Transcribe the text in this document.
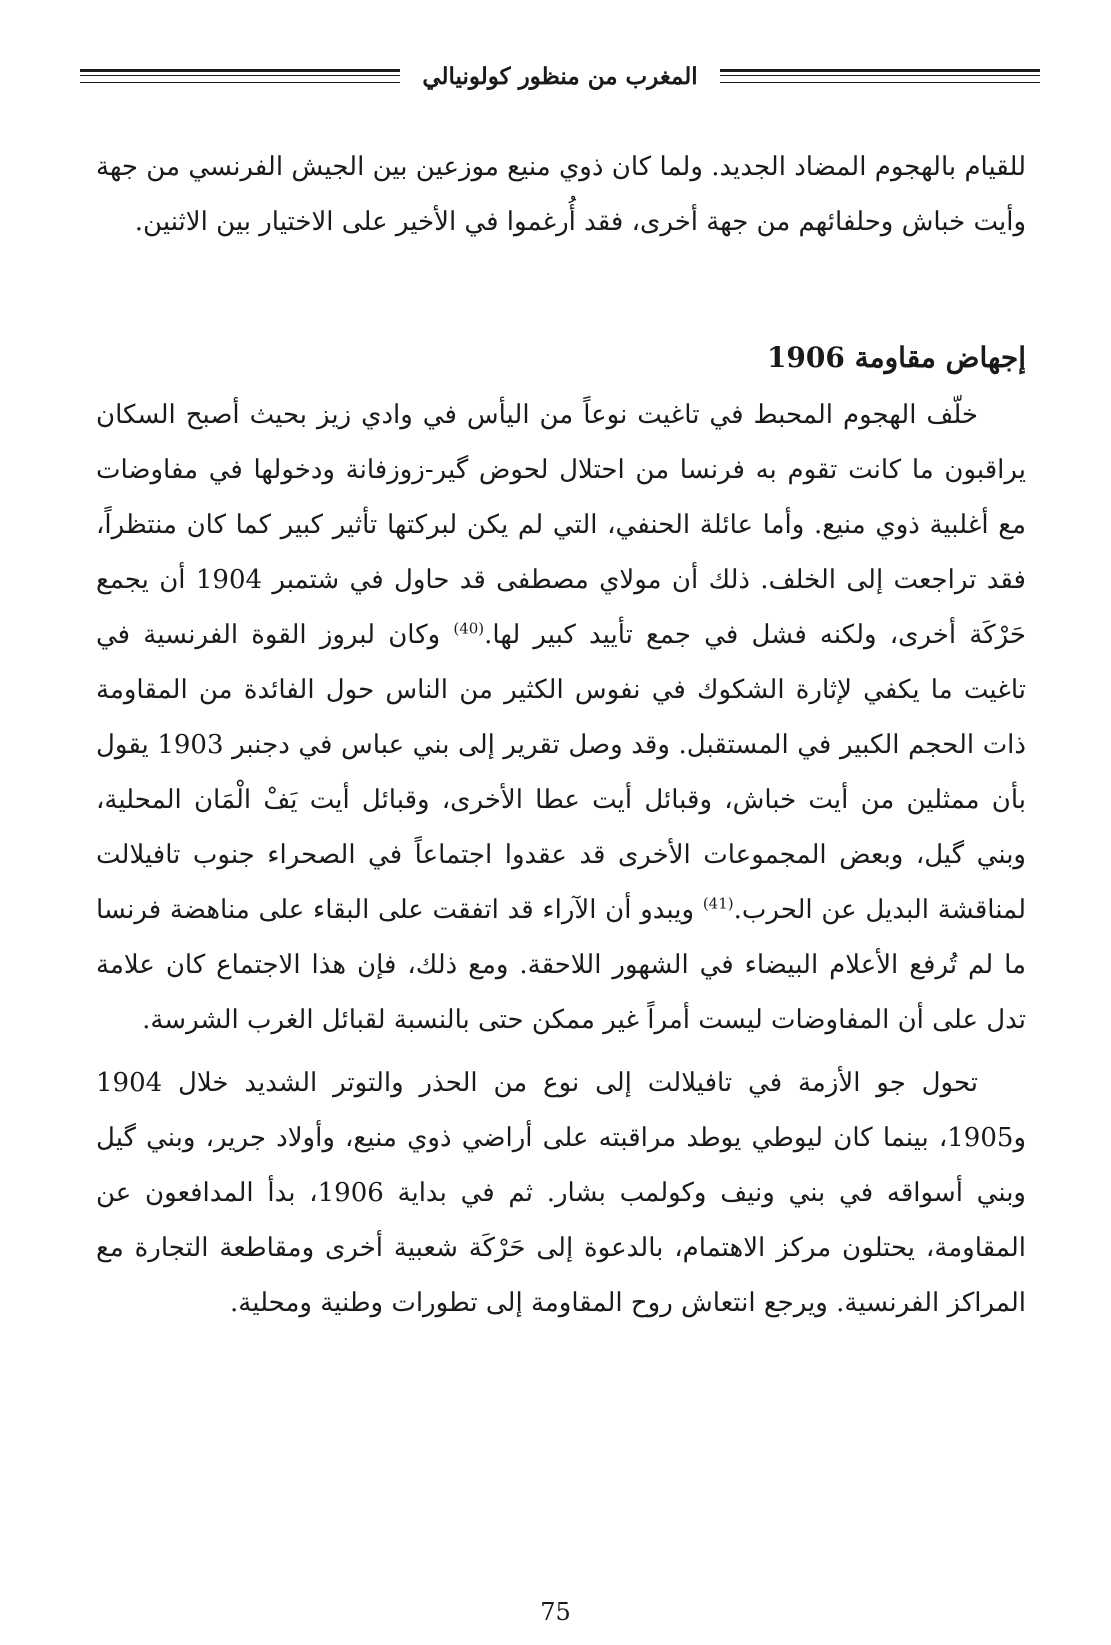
المغرب من منظور كولونيالي

للقيام بالهجوم المضاد الجديد. ولما كان ذوي منيع موزعين بين الجيش الفرنسي من جهة وأيت خباش وحلفائهم من جهة أخرى، فقد أُرغموا في الأخير على الاختيار بين الاثنين.

إجهاض مقاومة 1906

خلّف الهجوم المحبط في تاغيت نوعاً من اليأس في وادي زيز بحيث أصبح السكان يراقبون ما كانت تقوم به فرنسا من احتلال لحوض گير-زوزفانة ودخولها في مفاوضات مع أغلبية ذوي منيع. وأما عائلة الحنفي، التي لم يكن لبركتها تأثير كبير كما كان منتظراً، فقد تراجعت إلى الخلف. ذلك أن مولاي مصطفى قد حاول في شتمبر 1904 أن يجمع حَرْكَة أخرى، ولكنه فشل في جمع تأييد كبير لها.$^{(40)}$ وكان لبروز القوة الفرنسية في تاغيت ما يكفي لإثارة الشكوك في نفوس الكثير من الناس حول الفائدة من المقاومة ذات الحجم الكبير في المستقبل. وقد وصل تقرير إلى بني عباس في دجنبر 1903 يقول بأن ممثلين من أيت خباش، وقبائل أيت عطا الأخرى، وقبائل أيت يَفْ الْمَان المحلية، وبني گيل، وبعض المجموعات الأخرى قد عقدوا اجتماعاً في الصحراء جنوب تافيلالت لمناقشة البديل عن الحرب.$^{(41)}$ ويبدو أن الآراء قد اتفقت على البقاء على مناهضة فرنسا ما لم تُرفع الأعلام البيضاء في الشهور اللاحقة. ومع ذلك، فإن هذا الاجتماع كان علامة تدل على أن المفاوضات ليست أمراً غير ممكن حتى بالنسبة لقبائل الغرب الشرسة.

تحول جو الأزمة في تافيلالت إلى نوع من الحذر والتوتر الشديد خلال 1904 و1905، بينما كان ليوطي يوطد مراقبته على أراضي ذوي منيع، وأولاد جرير، وبني گيل وبني أسواقه في بني ونيف وكولمب بشار. ثم في بداية 1906، بدأ المدافعون عن المقاومة، يحتلون مركز الاهتمام، بالدعوة إلى حَرْكَة شعبية أخرى ومقاطعة التجارة مع المراكز الفرنسية. ويرجع انتعاش روح المقاومة إلى تطورات وطنية ومحلية.

75
